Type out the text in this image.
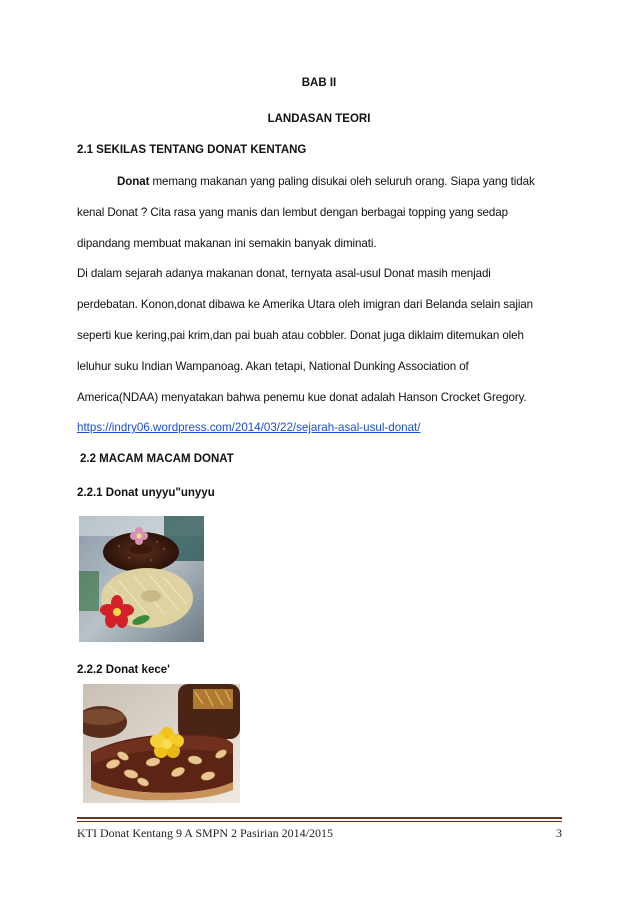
BAB II
LANDASAN TEORI
2.1 SEKILAS TENTANG DONAT KENTANG
Donat memang makanan yang paling disukai oleh seluruh orang. Siapa yang tidak
kenal Donat ? Cita rasa yang manis dan lembut dengan berbagai topping yang sedap
dipandang membuat makanan ini semakin banyak diminati.
Di dalam sejarah adanya makanan donat, ternyata asal-usul Donat masih menjadi
perdebatan. Konon,donat dibawa ke Amerika Utara oleh imigran dari Belanda selain sajian
seperti kue kering,pai krim,dan pai buah atau cobbler. Donat juga diklaim ditemukan oleh
leluhur suku Indian Wampanoag. Akan tetapi, National Dunking Association of
America(NDAA) menyatakan bahwa penemu kue donat adalah Hanson Crocket Gregory.
https://indry06.wordpress.com/2014/03/22/sejarah-asal-usul-donat/
2.2 MACAM MACAM DONAT
2.2.1 Donat unyyu"unyyu
2.2.2 Donat kece'
KTI Donat Kentang 9 A SMPN 2 Pasirian 2014/2015	3
